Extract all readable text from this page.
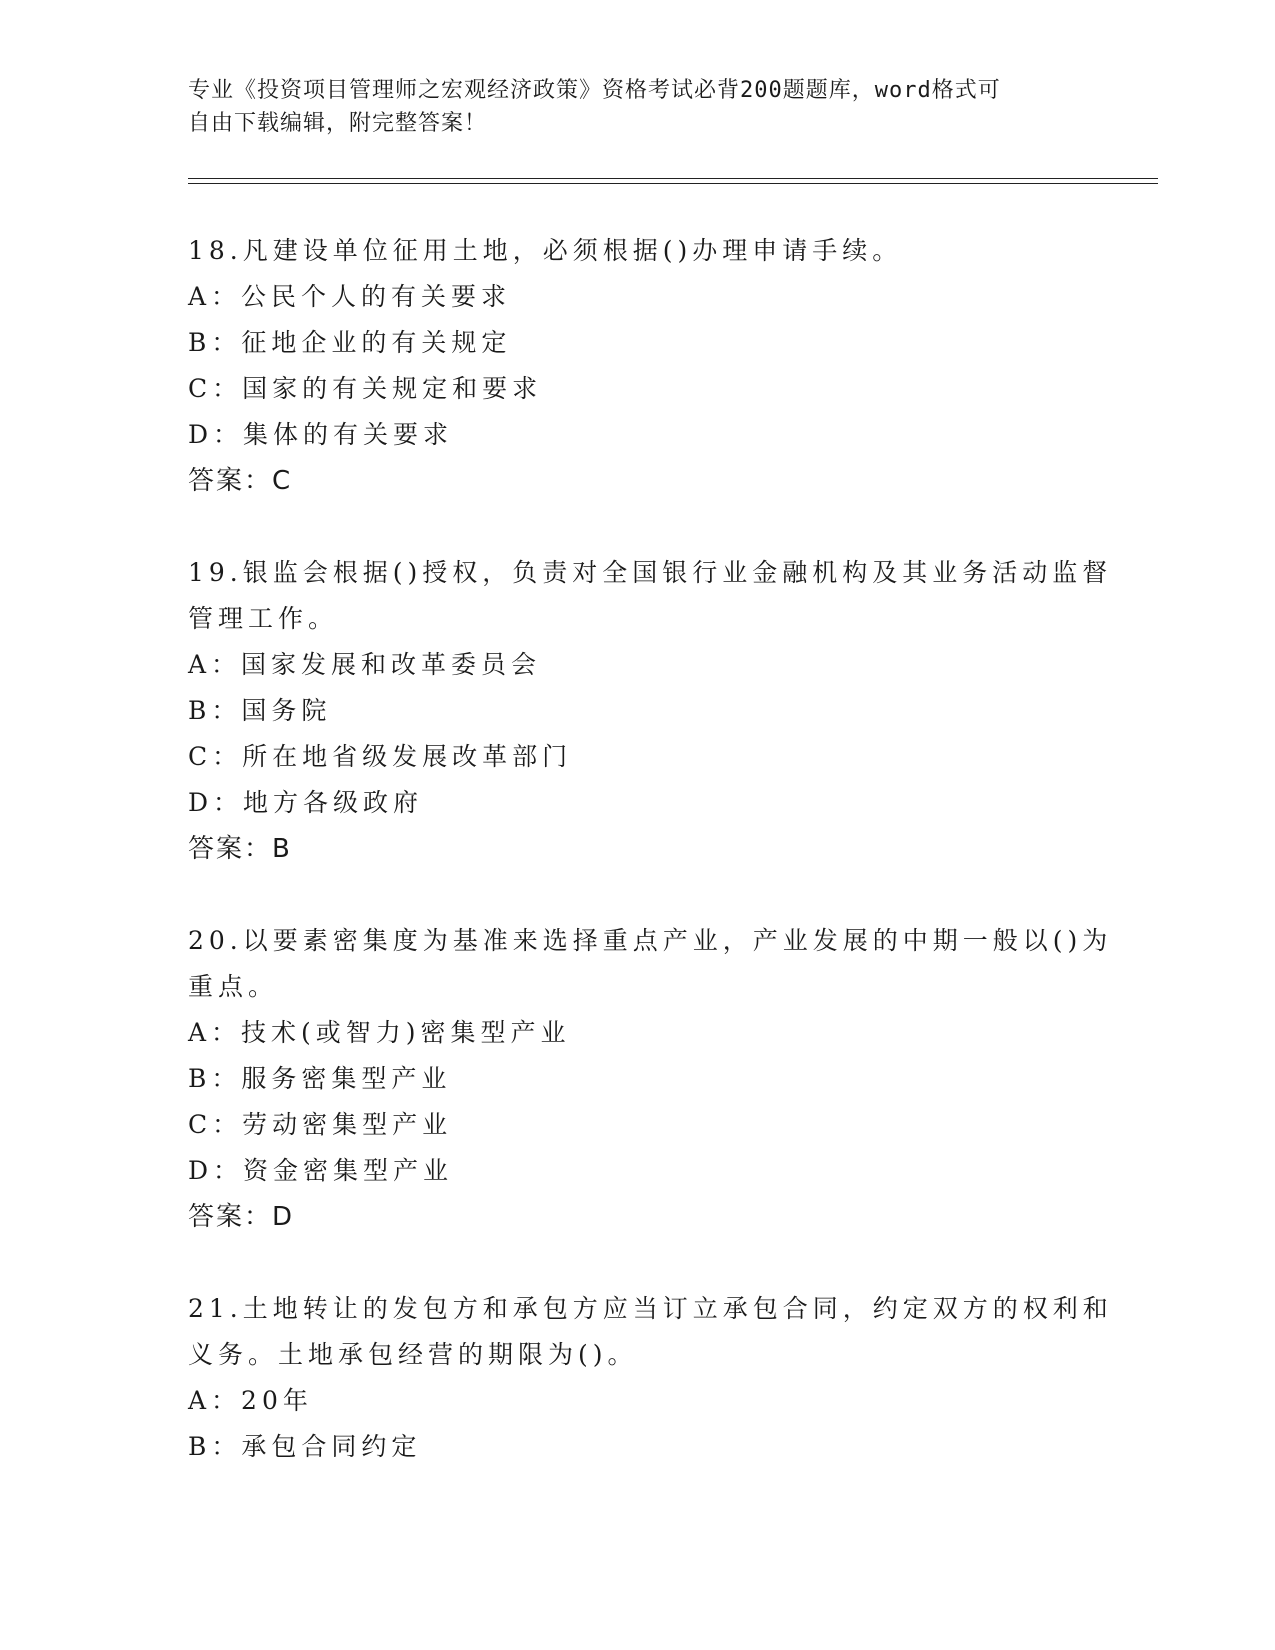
专业《投资项目管理师之宏观经济政策》资格考试必背200题题库，word格式可
自由下载编辑，附完整答案！
18.凡建设单位征用土地，必须根据()办理申请手续。
A：公民个人的有关要求
B：征地企业的有关规定
C：国家的有关规定和要求
D：集体的有关要求
答案：C
19.银监会根据()授权，负责对全国银行业金融机构及其业务活动监督
管理工作。
A：国家发展和改革委员会
B：国务院
C：所在地省级发展改革部门
D：地方各级政府
答案：B
20.以要素密集度为基准来选择重点产业，产业发展的中期一般以()为
重点。
A：技术(或智力)密集型产业
B：服务密集型产业
C：劳动密集型产业
D：资金密集型产业
答案：D
21.土地转让的发包方和承包方应当订立承包合同，约定双方的权利和
义务。土地承包经营的期限为()。
A：20年
B：承包合同约定
